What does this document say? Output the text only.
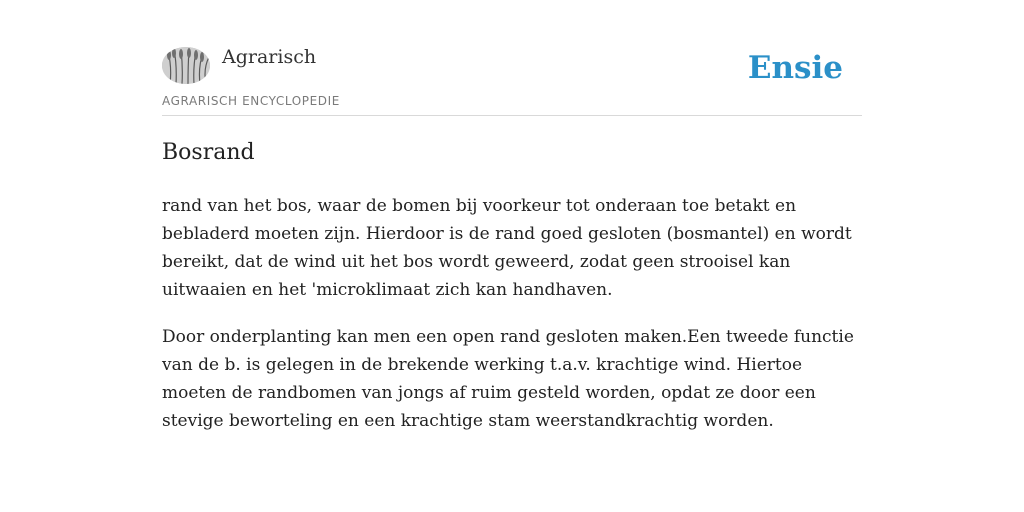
Agrarisch
AGRARISCH ENCYCLOPEDIE
Ensie
Bosrand

rand van het bos, waar de bomen bij voorkeur tot onderaan toe betakt en bebladerd moeten zijn. Hierdoor is de rand goed gesloten (bosmantel) en wordt bereikt, dat de wind uit het bos wordt geweerd, zodat geen strooisel kan uitwaaien en het 'microklimaat zich kan handhaven.

Door onderplanting kan men een open rand gesloten maken.Een tweede functie van de b. is gelegen in de brekende werking t.a.v. krachtige wind. Hiertoe moeten de randbomen van jongs af ruim gesteld worden, opdat ze door een stevige beworteling en een krachtige stam weerstandkrachtig worden.
